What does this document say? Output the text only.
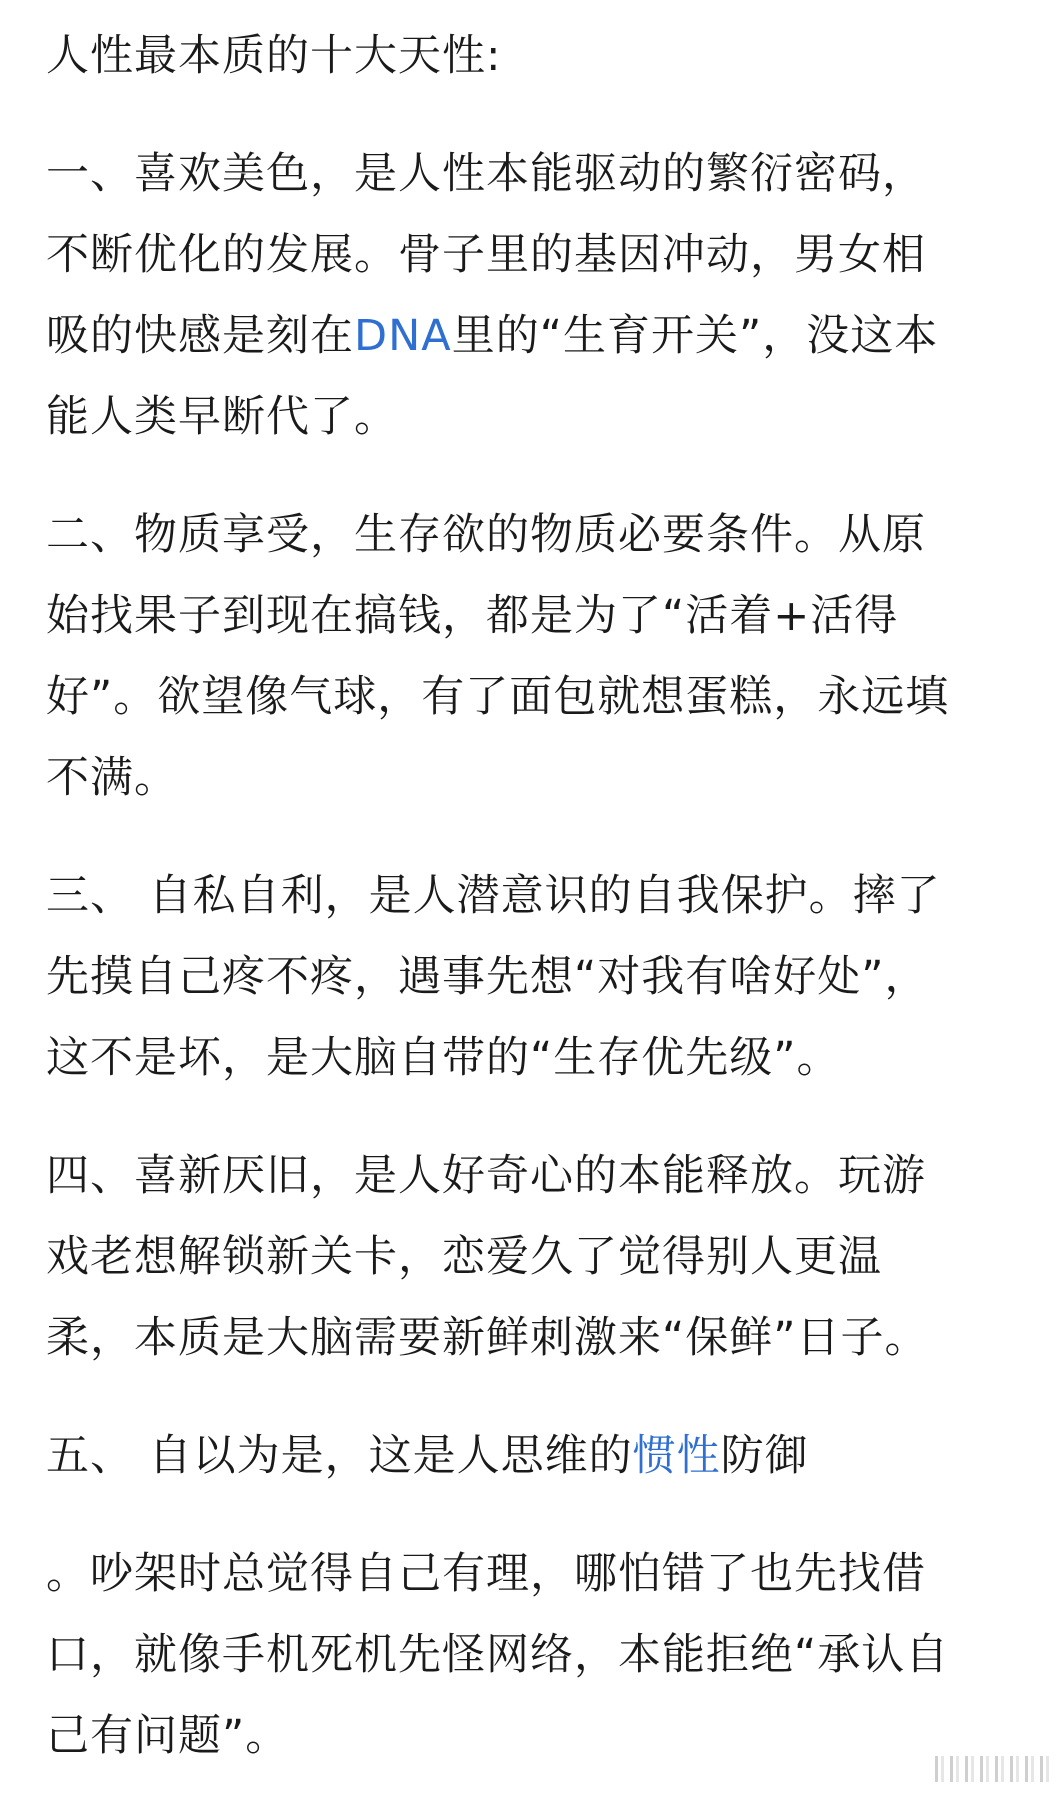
人性最本质的十大天性:

一、喜欢美色，是人性本能驱动的繁衍密码，
不断优化的发展。骨子里的基因冲动，男女相
吸的快感是刻在DNA里的“生育开关”，没这本
能人类早断代了。

二、物质享受，生存欲的物质必要条件。从原
始找果子到现在搞钱，都是为了“活着+活得
好”。欲望像气球，有了面包就想蛋糕，永远填
不满。

三、 自私自利，是人潜意识的自我保护。摔了
先摸自己疼不疼，遇事先想“对我有啥好处”，
这不是坏，是大脑自带的“生存优先级”。

四、喜新厌旧，是人好奇心的本能释放。玩游
戏老想解锁新关卡，恋爱久了觉得别人更温
柔，本质是大脑需要新鲜刺激来“保鲜”日子。

五、 自以为是，这是人思维的惯性防御

。吵架时总觉得自己有理，哪怕错了也先找借
口，就像手机死机先怪网络，本能拒绝“承认自
己有问题”。
